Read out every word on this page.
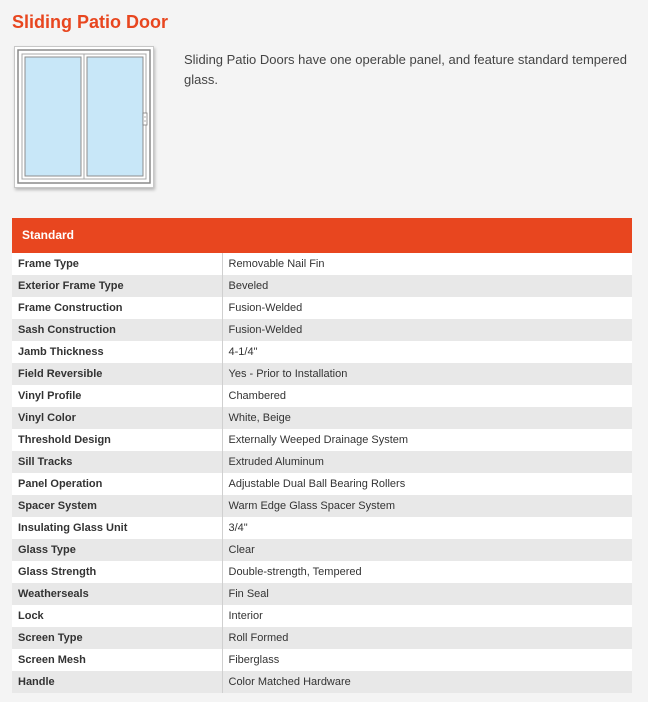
Sliding Patio Door

Sliding Patio Doors have one operable panel, and feature standard tempered glass.

Standard
Frame Type	Removable Nail Fin
Exterior Frame Type	Beveled
Frame Construction	Fusion-Welded
Sash Construction	Fusion-Welded
Jamb Thickness	4-1/4"
Field Reversible	Yes - Prior to Installation
Vinyl Profile	Chambered
Vinyl Color	White, Beige
Threshold Design	Externally Weeped Drainage System
Sill Tracks	Extruded Aluminum
Panel Operation	Adjustable Dual Ball Bearing Rollers
Spacer System	Warm Edge Glass Spacer System
Insulating Glass Unit	3/4"
Glass Type	Clear
Glass Strength	Double-strength, Tempered
Weatherseals	Fin Seal
Lock	Interior
Screen Type	Roll Formed
Screen Mesh	Fiberglass
Handle	Color Matched Hardware
